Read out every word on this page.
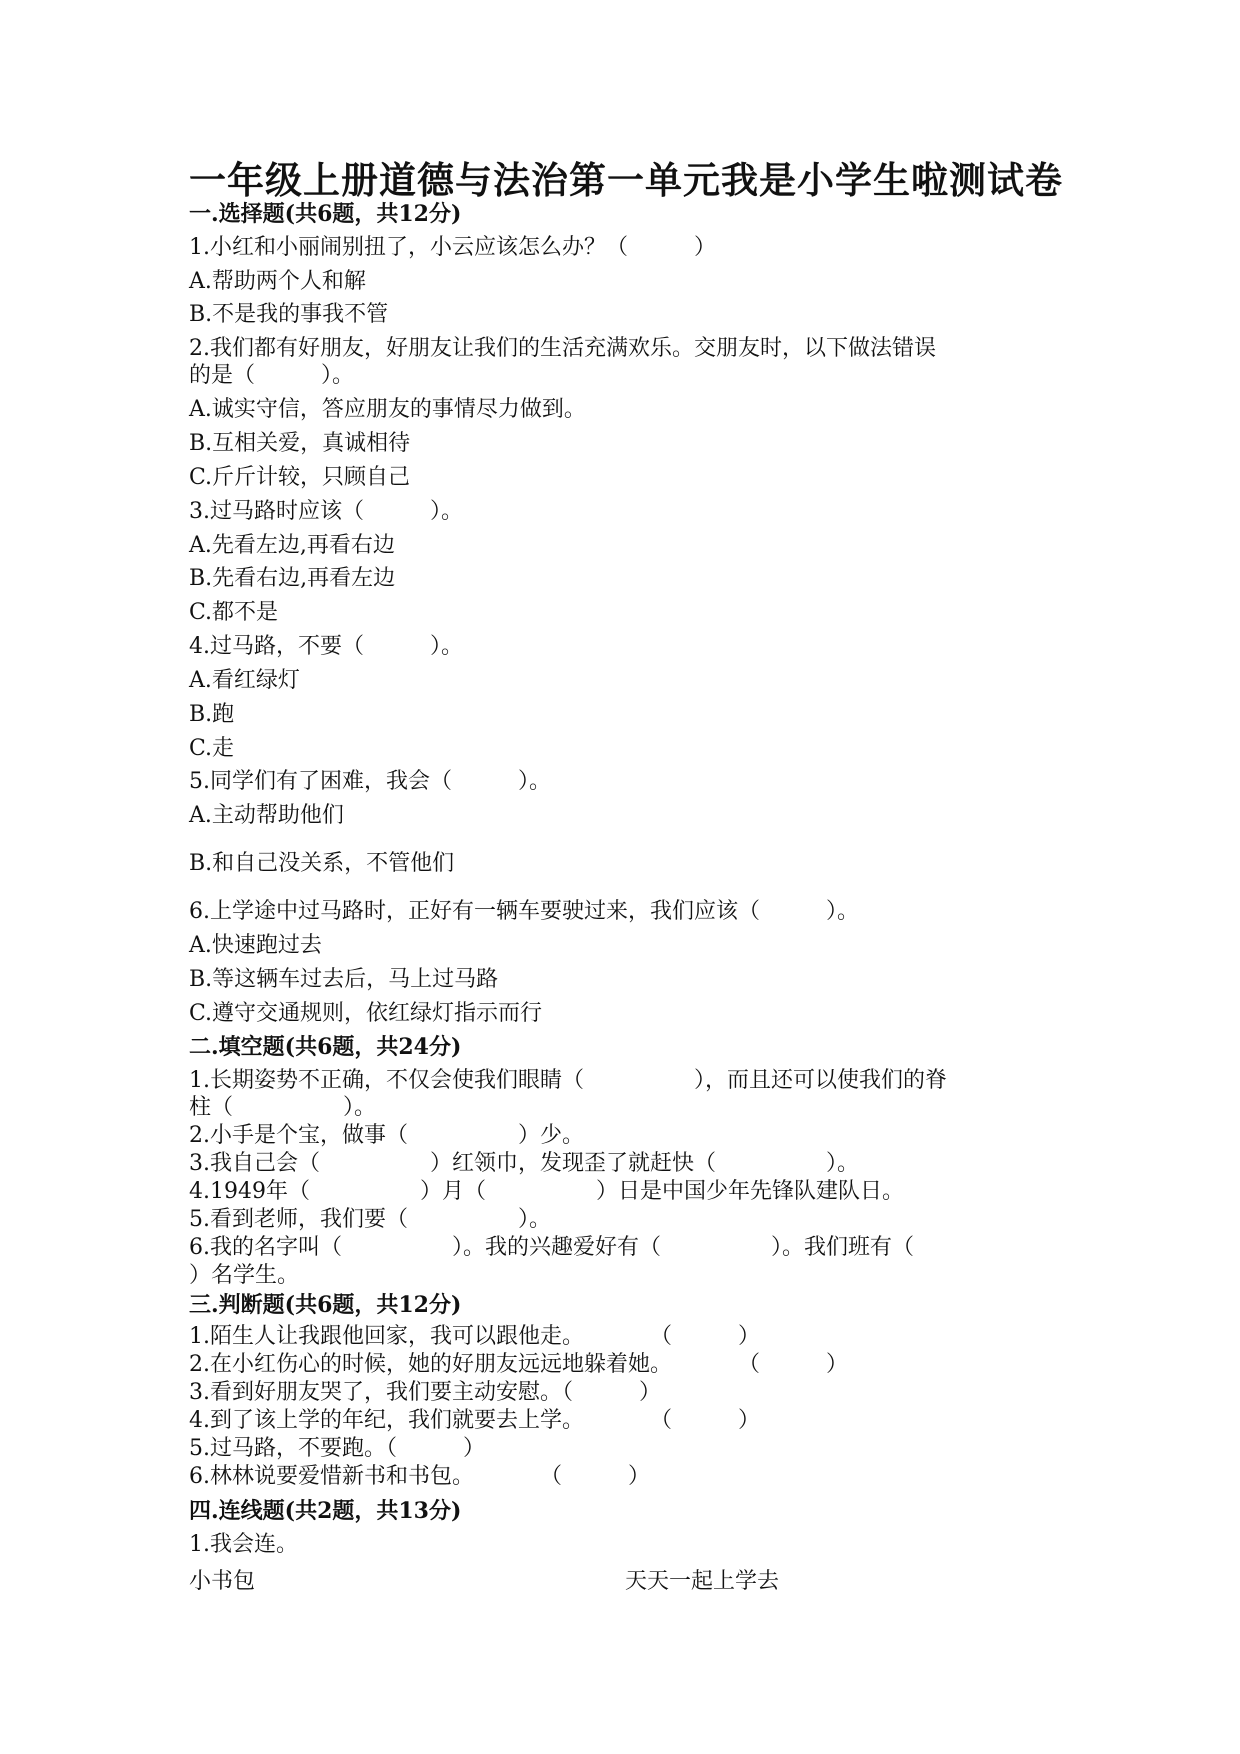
一年级上册道德与法治第一单元我是小学生啦测试卷
一.选择题(共6题，共12分)
1.小红和小丽闹别扭了，小云应该怎么办？（　　　）
A.帮助两个人和解
B.不是我的事我不管
2.我们都有好朋友，好朋友让我们的生活充满欢乐。交朋友时，以下做法错误
的是（　　　）。
A.诚实守信，答应朋友的事情尽力做到。
B.互相关爱，真诚相待
C.斤斤计较，只顾自己
3.过马路时应该（　　　）。
A.先看左边,再看右边
B.先看右边,再看左边
C.都不是
4.过马路，不要（　　　）。
A.看红绿灯
B.跑
C.走
5.同学们有了困难，我会（　　　）。
A.主动帮助他们
B.和自己没关系，不管他们
6.上学途中过马路时，正好有一辆车要驶过来，我们应该（　　　）。
A.快速跑过去
B.等这辆车过去后，马上过马路
C.遵守交通规则，依红绿灯指示而行
二.填空题(共6题，共24分)
1.长期姿势不正确，不仅会使我们眼睛（　　　　　），而且还可以使我们的脊
柱（　　　　　）。
2.小手是个宝，做事（　　　　　）少。
3.我自己会（　　　　　）红领巾，发现歪了就赶快（　　　　　）。
4.1949年（　　　　　）月（　　　　　）日是中国少年先锋队建队日。
5.看到老师，我们要（　　　　　）。
6.我的名字叫（　　　　　）。我的兴趣爱好有（　　　　　）。我们班有（
）名学生。
三.判断题(共6题，共12分)
1.陌生人让我跟他回家，我可以跟他走。　　　　（　　　）
2.在小红伤心的时候，她的好朋友远远地躲着她。　　　　（　　　）
3.看到好朋友哭了，我们要主动安慰。（　　　）
4.到了该上学的年纪，我们就要去上学。　　　　（　　　）
5.过马路，不要跑。（　　　）
6.林林说要爱惜新书和书包。　　　　（　　　）
四.连线题(共2题，共13分)
1.我会连。
小书包	天天一起上学去
